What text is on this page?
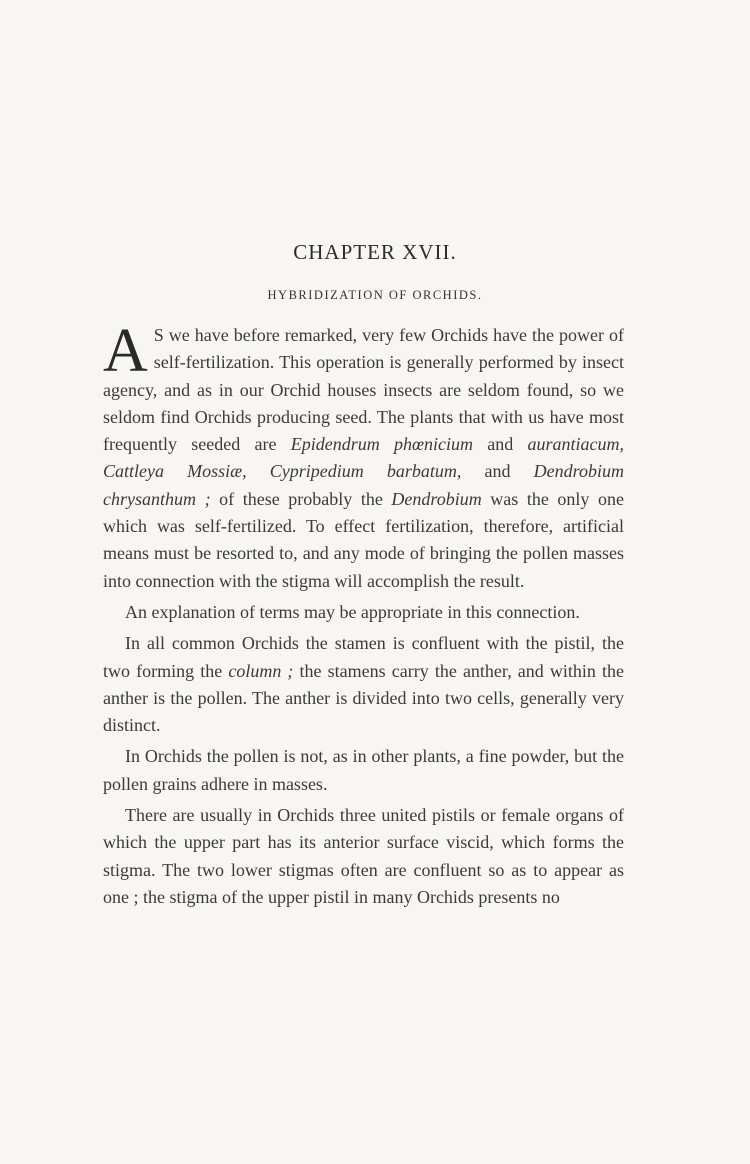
CHAPTER XVII.
HYBRIDIZATION OF ORCHIDS.

A S we have before remarked, very few Orchids have the power of self-fertilization. This operation is generally performed by insect agency, and as in our Orchid houses insects are seldom found, so we seldom find Orchids producing seed. The plants that with us have most frequently seeded are Epidendrum phœnicium and aurantiacum, Cattleya Mossiæ, Cypripedium barbatum, and Dendrobium chrysanthum ; of these probably the Dendrobium was the only one which was self-fertilized. To effect fertilization, therefore, artificial means must be resorted to, and any mode of bringing the pollen masses into connection with the stigma will accomplish the result.

An explanation of terms may be appropriate in this connection.

In all common Orchids the stamen is confluent with the pistil, the two forming the column ; the stamens carry the anther, and within the anther is the pollen. The anther is divided into two cells, generally very distinct.

In Orchids the pollen is not, as in other plants, a fine powder, but the pollen grains adhere in masses.

There are usually in Orchids three united pistils or female organs of which the upper part has its anterior surface viscid, which forms the stigma. The two lower stigmas often are confluent so as to appear as one ; the stigma of the upper pistil in many Orchids presents no
